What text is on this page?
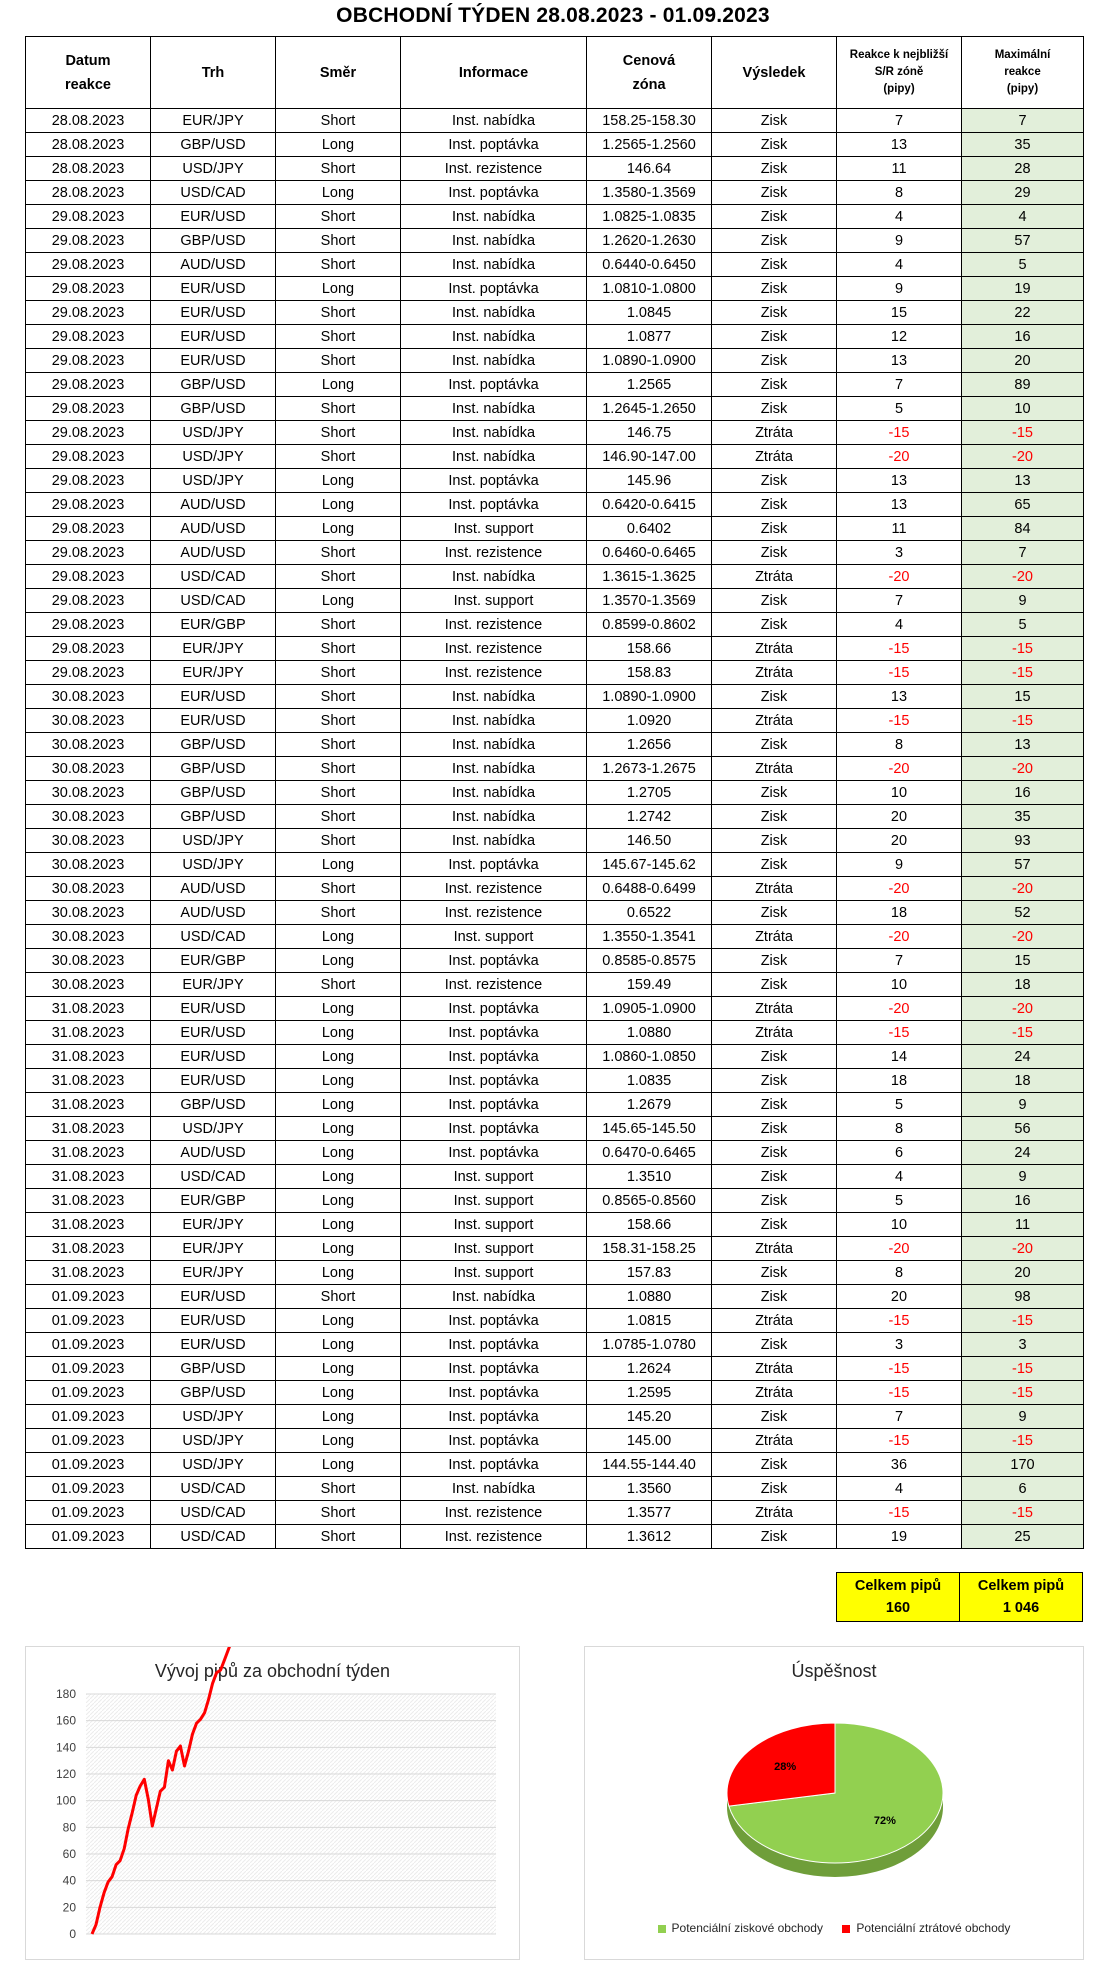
OBCHODNÍ TÝDEN 28.08.2023 - 01.09.2023
Datum
reakce	Trh	Směr	Informace	Cenová
zóna	Výsledek	Reakce k nejbližší
S/R zóně
(pipy)	Maximální
reakce
(pipy)
28.08.2023	EUR/JPY	Short	Inst. nabídka	158.25-158.30	Zisk	7	7
28.08.2023	GBP/USD	Long	Inst. poptávka	1.2565-1.2560	Zisk	13	35
28.08.2023	USD/JPY	Short	Inst. rezistence	146.64	Zisk	11	28
28.08.2023	USD/CAD	Long	Inst. poptávka	1.3580-1.3569	Zisk	8	29
29.08.2023	EUR/USD	Short	Inst. nabídka	1.0825-1.0835	Zisk	4	4
29.08.2023	GBP/USD	Short	Inst. nabídka	1.2620-1.2630	Zisk	9	57
29.08.2023	AUD/USD	Short	Inst. nabídka	0.6440-0.6450	Zisk	4	5
29.08.2023	EUR/USD	Long	Inst. poptávka	1.0810-1.0800	Zisk	9	19
29.08.2023	EUR/USD	Short	Inst. nabídka	1.0845	Zisk	15	22
29.08.2023	EUR/USD	Short	Inst. nabídka	1.0877	Zisk	12	16
29.08.2023	EUR/USD	Short	Inst. nabídka	1.0890-1.0900	Zisk	13	20
29.08.2023	GBP/USD	Long	Inst. poptávka	1.2565	Zisk	7	89
29.08.2023	GBP/USD	Short	Inst. nabídka	1.2645-1.2650	Zisk	5	10
29.08.2023	USD/JPY	Short	Inst. nabídka	146.75	Ztráta	-15	-15
29.08.2023	USD/JPY	Short	Inst. nabídka	146.90-147.00	Ztráta	-20	-20
29.08.2023	USD/JPY	Long	Inst. poptávka	145.96	Zisk	13	13
29.08.2023	AUD/USD	Long	Inst. poptávka	0.6420-0.6415	Zisk	13	65
29.08.2023	AUD/USD	Long	Inst. support	0.6402	Zisk	11	84
29.08.2023	AUD/USD	Short	Inst. rezistence	0.6460-0.6465	Zisk	3	7
29.08.2023	USD/CAD	Short	Inst. nabídka	1.3615-1.3625	Ztráta	-20	-20
29.08.2023	USD/CAD	Long	Inst. support	1.3570-1.3569	Zisk	7	9
29.08.2023	EUR/GBP	Short	Inst. rezistence	0.8599-0.8602	Zisk	4	5
29.08.2023	EUR/JPY	Short	Inst. rezistence	158.66	Ztráta	-15	-15
29.08.2023	EUR/JPY	Short	Inst. rezistence	158.83	Ztráta	-15	-15
30.08.2023	EUR/USD	Short	Inst. nabídka	1.0890-1.0900	Zisk	13	15
30.08.2023	EUR/USD	Short	Inst. nabídka	1.0920	Ztráta	-15	-15
30.08.2023	GBP/USD	Short	Inst. nabídka	1.2656	Zisk	8	13
30.08.2023	GBP/USD	Short	Inst. nabídka	1.2673-1.2675	Ztráta	-20	-20
30.08.2023	GBP/USD	Short	Inst. nabídka	1.2705	Zisk	10	16
30.08.2023	GBP/USD	Short	Inst. nabídka	1.2742	Zisk	20	35
30.08.2023	USD/JPY	Short	Inst. nabídka	146.50	Zisk	20	93
30.08.2023	USD/JPY	Long	Inst. poptávka	145.67-145.62	Zisk	9	57
30.08.2023	AUD/USD	Short	Inst. rezistence	0.6488-0.6499	Ztráta	-20	-20
30.08.2023	AUD/USD	Short	Inst. rezistence	0.6522	Zisk	18	52
30.08.2023	USD/CAD	Long	Inst. support	1.3550-1.3541	Ztráta	-20	-20
30.08.2023	EUR/GBP	Long	Inst. poptávka	0.8585-0.8575	Zisk	7	15
30.08.2023	EUR/JPY	Short	Inst. rezistence	159.49	Zisk	10	18
31.08.2023	EUR/USD	Long	Inst. poptávka	1.0905-1.0900	Ztráta	-20	-20
31.08.2023	EUR/USD	Long	Inst. poptávka	1.0880	Ztráta	-15	-15
31.08.2023	EUR/USD	Long	Inst. poptávka	1.0860-1.0850	Zisk	14	24
31.08.2023	EUR/USD	Long	Inst. poptávka	1.0835	Zisk	18	18
31.08.2023	GBP/USD	Long	Inst. poptávka	1.2679	Zisk	5	9
31.08.2023	USD/JPY	Long	Inst. poptávka	145.65-145.50	Zisk	8	56
31.08.2023	AUD/USD	Long	Inst. poptávka	0.6470-0.6465	Zisk	6	24
31.08.2023	USD/CAD	Long	Inst. support	1.3510	Zisk	4	9
31.08.2023	EUR/GBP	Long	Inst. support	0.8565-0.8560	Zisk	5	16
31.08.2023	EUR/JPY	Long	Inst. support	158.66	Zisk	10	11
31.08.2023	EUR/JPY	Long	Inst. support	158.31-158.25	Ztráta	-20	-20
31.08.2023	EUR/JPY	Long	Inst. support	157.83	Zisk	8	20
01.09.2023	EUR/USD	Short	Inst. nabídka	1.0880	Zisk	20	98
01.09.2023	EUR/USD	Long	Inst. poptávka	1.0815	Ztráta	-15	-15
01.09.2023	EUR/USD	Long	Inst. poptávka	1.0785-1.0780	Zisk	3	3
01.09.2023	GBP/USD	Long	Inst. poptávka	1.2624	Ztráta	-15	-15
01.09.2023	GBP/USD	Long	Inst. poptávka	1.2595	Ztráta	-15	-15
01.09.2023	USD/JPY	Long	Inst. poptávka	145.20	Zisk	7	9
01.09.2023	USD/JPY	Long	Inst. poptávka	145.00	Ztráta	-15	-15
01.09.2023	USD/JPY	Long	Inst. poptávka	144.55-144.40	Zisk	36	170
01.09.2023	USD/CAD	Short	Inst. nabídka	1.3560	Zisk	4	6
01.09.2023	USD/CAD	Short	Inst. rezistence	1.3577	Ztráta	-15	-15
01.09.2023	USD/CAD	Short	Inst. rezistence	1.3612	Zisk	19	25
Celkem pipů
160	Celkem pipů
1 046
Vývoj pipů za obchodní týden
0
20
40
60
80
100
120
140
160
180
Úspěšnost
72%
28%
Potenciální ziskové obchody	Potenciální ztrátové obchody
